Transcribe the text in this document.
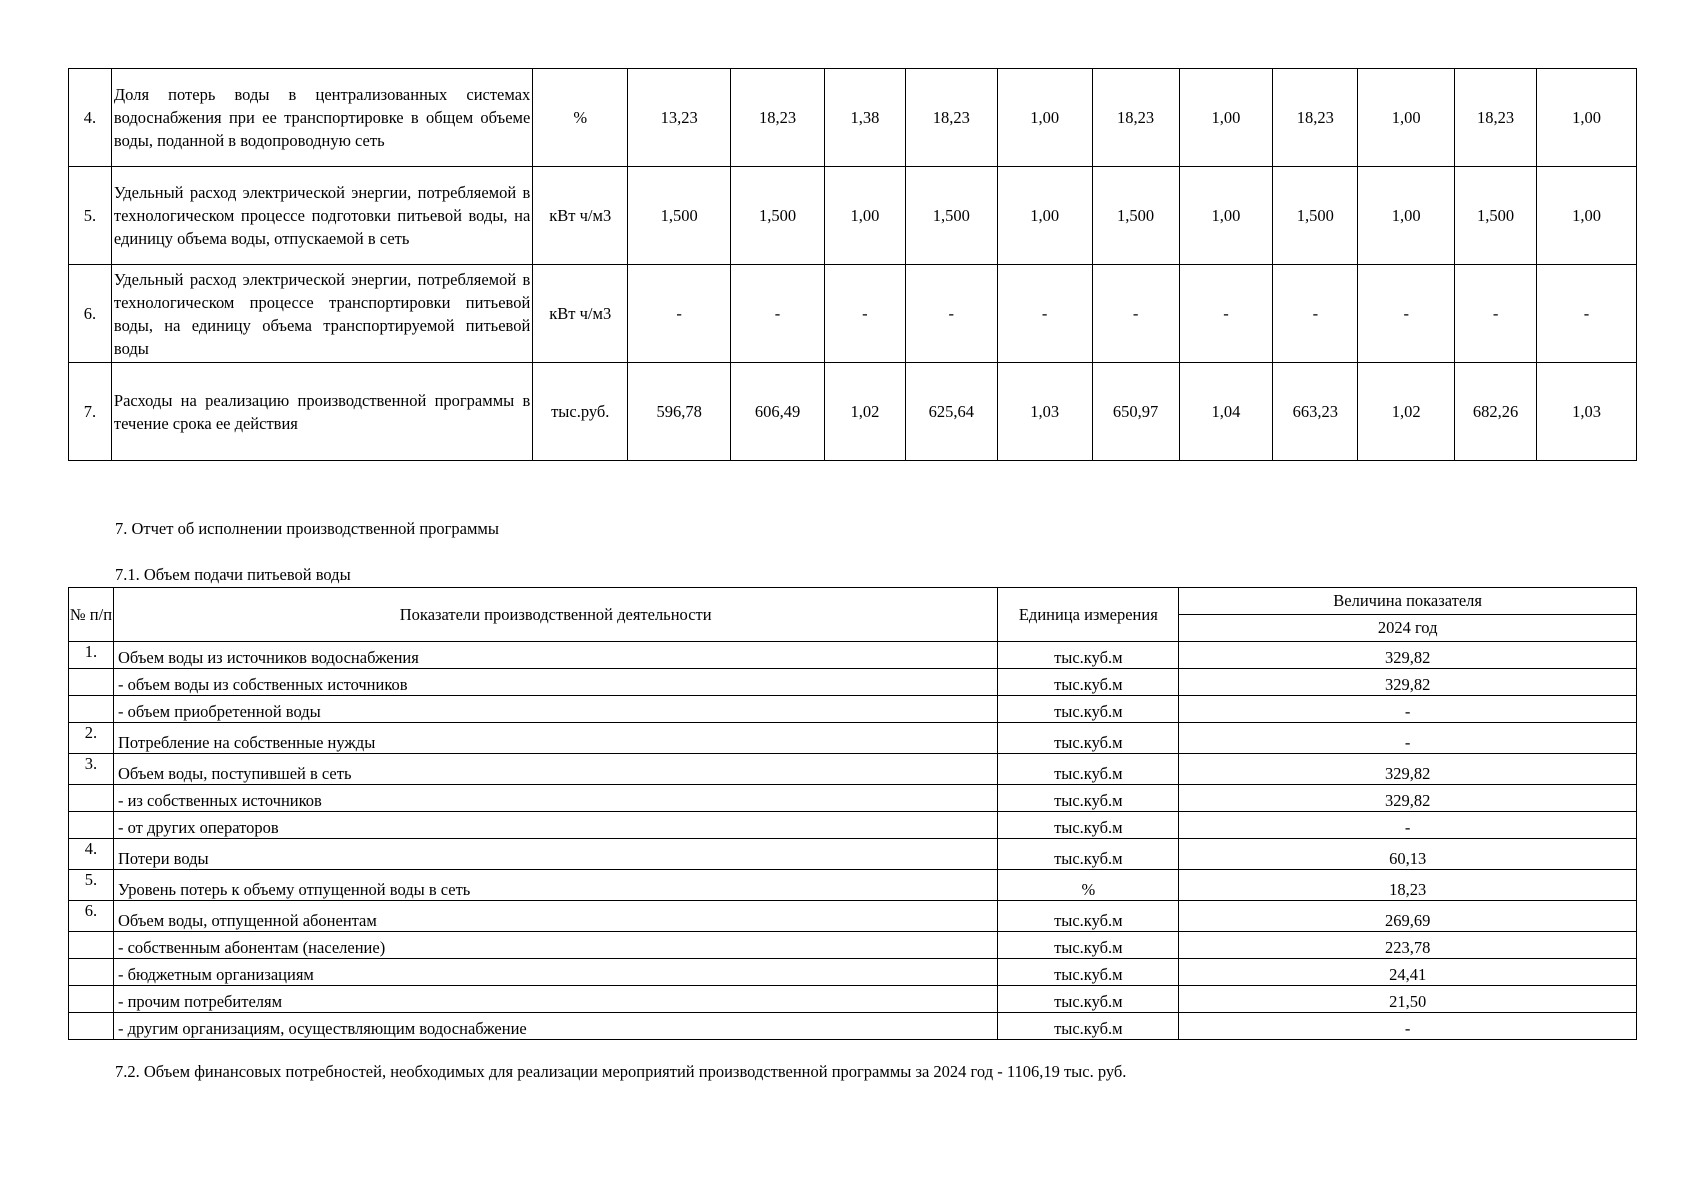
4.	Доля потерь воды в централизованных системах водоснабжения при ее транспортировке в общем объеме воды, поданной в водопроводную сеть	%	13,23	18,23	1,38	18,23	1,00	18,23	1,00	18,23	1,00	18,23	1,00
5.	Удельный расход электрической энергии, потребляемой в технологическом процессе подготовки питьевой воды, на единицу объема воды, отпускаемой в сеть	кВт ч/м3	1,500	1,500	1,00	1,500	1,00	1,500	1,00	1,500	1,00	1,500	1,00
6.	Удельный расход электрической энергии, потребляемой в технологическом процессе транспортировки питьевой воды, на единицу объема транспортируемой питьевой воды	кВт ч/м3	-	-	-	-	-	-	-	-	-	-	-
7.	Расходы на реализацию производственной программы в течение срока ее действия	тыс.руб.	596,78	606,49	1,02	625,64	1,03	650,97	1,04	663,23	1,02	682,26	1,03
7. Отчет об исполнении производственной программы
7.1. Объем подачи питьевой воды
№ п/п	Показатели производственной деятельности	Единица измерения	Величина показателя
			2024 год
1.	Объем воды из источников водоснабжения	тыс.куб.м	329,82
	- объем воды из собственных источников	тыс.куб.м	329,82
	- объем приобретенной воды	тыс.куб.м	-
2.	Потребление на собственные нужды	тыс.куб.м	-
3.	Объем воды, поступившей в сеть	тыс.куб.м	329,82
	- из собственных источников	тыс.куб.м	329,82
	- от других операторов	тыс.куб.м	-
4.	Потери воды	тыс.куб.м	60,13
5.	Уровень потерь к объему отпущенной воды в сеть	%	18,23
6.	Объем воды, отпущенной абонентам	тыс.куб.м	269,69
	- собственным абонентам (население)	тыс.куб.м	223,78
	- бюджетным организациям	тыс.куб.м	24,41
	- прочим потребителям	тыс.куб.м	21,50
	- другим организациям, осуществляющим водоснабжение	тыс.куб.м	-
7.2. Объем финансовых потребностей, необходимых для реализации мероприятий производственной программы за 2024 год - 1106,19 тыс. руб.
